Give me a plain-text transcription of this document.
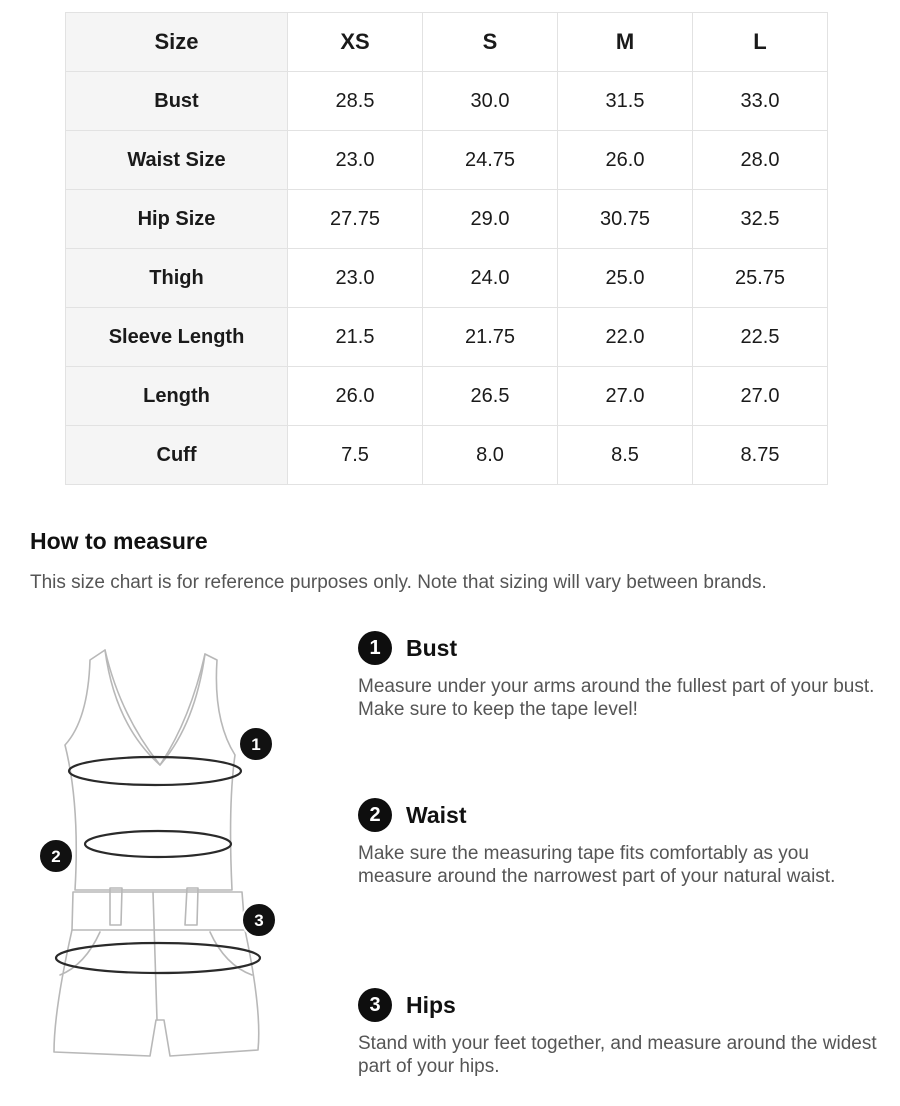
Size	XS	S	M	L
Bust	28.5	30.0	31.5	33.0
Waist Size	23.0	24.75	26.0	28.0
Hip Size	27.75	29.0	30.75	32.5
Thigh	23.0	24.0	25.0	25.75
Sleeve Length	21.5	21.75	22.0	22.5
Length	26.0	26.5	27.0	27.0
Cuff	7.5	8.0	8.5	8.75
How to measure

This size chart is for reference purposes only. Note that sizing will vary between brands.

1
2
3
1	Bust

Measure under your arms around the fullest part of your bust. Make sure to keep the tape level!

2	Waist

Make sure the measuring tape fits comfortably as you measure around the narrowest part of your natural waist.

3	Hips

Stand with your feet together, and measure around the widest part of your hips.
